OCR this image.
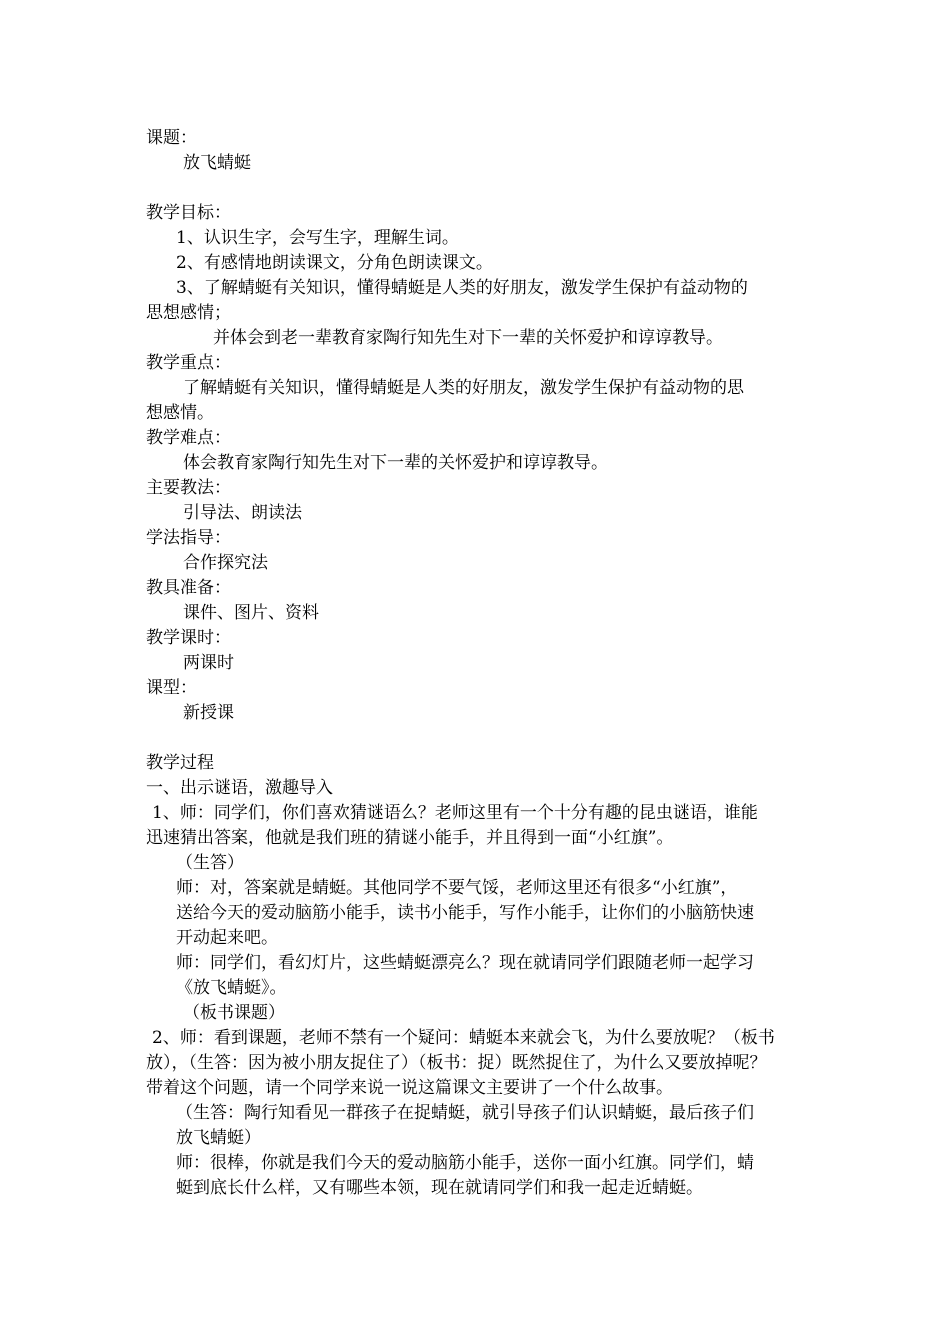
课题：
放飞蜻蜓
教学目标：
1、认识生字，会写生字，理解生词。
2、有感情地朗读课文，分角色朗读课文。
3、了解蜻蜓有关知识，懂得蜻蜓是人类的好朋友，激发学生保护有益动物的
思想感情；
并体会到老一辈教育家陶行知先生对下一辈的关怀爱护和谆谆教导。
教学重点：
了解蜻蜓有关知识，懂得蜻蜓是人类的好朋友，激发学生保护有益动物的思
想感情。
教学难点：
体会教育家陶行知先生对下一辈的关怀爱护和谆谆教导。
主要教法：
引导法、朗读法
学法指导：
合作探究法
教具准备：
课件、图片、资料
教学课时：
两课时
课型：
新授课
教学过程
一、出示谜语，激趣导入
1、师：同学们，你们喜欢猜谜语么？老师这里有一个十分有趣的昆虫谜语，谁能
迅速猜出答案，他就是我们班的猜谜小能手，并且得到一面“小红旗”。
（生答）
师：对，答案就是蜻蜓。其他同学不要气馁，老师这里还有很多“小红旗”，
送给今天的爱动脑筋小能手，读书小能手，写作小能手，让你们的小脑筋快速
开动起来吧。
师：同学们，看幻灯片，这些蜻蜓漂亮么？现在就请同学们跟随老师一起学习
《放飞蜻蜓》。
（板书课题）
2、师：看到课题，老师不禁有一个疑问：蜻蜓本来就会飞，为什么要放呢？（板书
放），（生答：因为被小朋友捉住了）（板书：捉）既然捉住了，为什么又要放掉呢？
带着这个问题，请一个同学来说一说这篇课文主要讲了一个什么故事。
（生答：陶行知看见一群孩子在捉蜻蜓，就引导孩子们认识蜻蜓，最后孩子们
放飞蜻蜓）
师：很棒，你就是我们今天的爱动脑筋小能手，送你一面小红旗。同学们，蜻
蜓到底长什么样，又有哪些本领，现在就请同学们和我一起走近蜻蜓。
